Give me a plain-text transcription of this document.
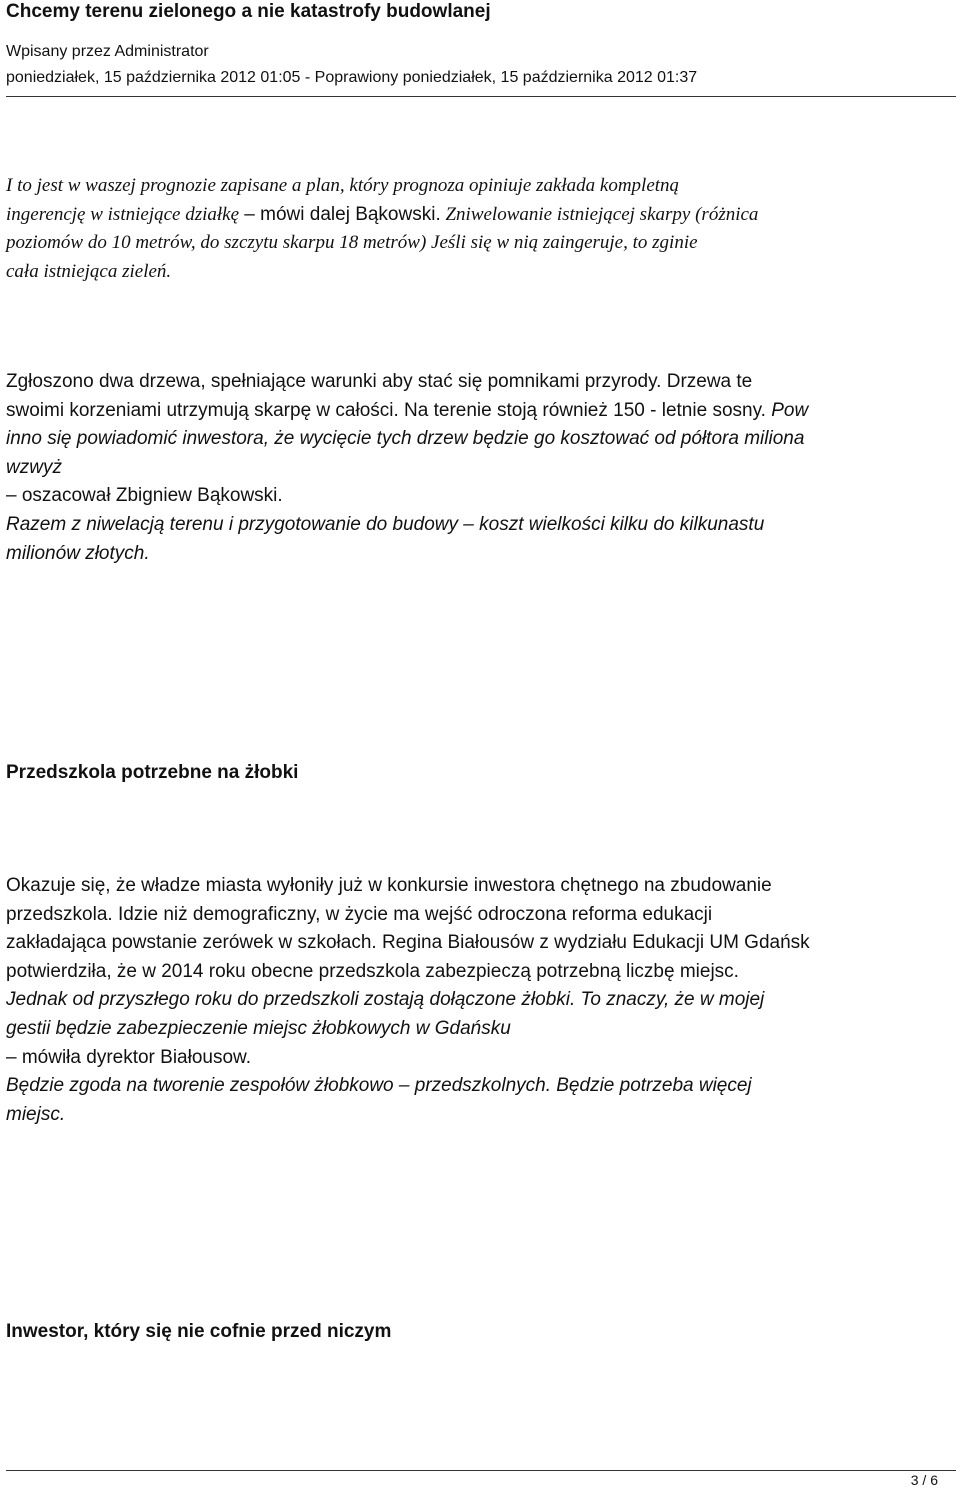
Chcemy terenu zielonego a nie katastrofy budowlanej
Wpisany przez Administrator
poniedziałek, 15 października 2012 01:05 - Poprawiony poniedziałek, 15 października 2012 01:37

I to jest w waszej prognozie zapisane a plan, który prognoza opiniuje zakłada kompletną
ingerencję w istniejące działkę – mówi dalej Bąkowski. Zniwelowanie istniejącej skarpy (różnica
poziomów do 10 metrów, do szczytu skarpu 18 metrów) Jeśli się w nią zaingeruje, to zginie
cała istniejąca zieleń.

Zgłoszono dwa drzewa, spełniające warunki aby stać się pomnikami przyrody. Drzewa te
swoimi korzeniami utrzymują skarpę w całości. Na terenie stoją również 150 - letnie sosny. Pow
inno się powiadomić inwestora, że wycięcie tych drzew będzie go kosztować od półtora miliona
wzwyż
– oszacował Zbigniew Bąkowski.
Razem z niwelacją terenu i przygotowanie do budowy – koszt wielkości kilku do kilkunastu
milionów złotych.

Przedszkola potrzebne na żłobki

Okazuje się, że władze miasta wyłoniły już w konkursie inwestora chętnego na zbudowanie
przedszkola. Idzie niż demograficzny, w życie ma wejść odroczona reforma edukacji
zakładająca powstanie zerówek w szkołach. Regina Białousów z wydziału Edukacji UM Gdańsk
potwierdziła, że w 2014 roku obecne przedszkola zabezpieczą potrzebną liczbę miejsc.
Jednak od przyszłego roku do przedszkoli zostają dołączone żłobki. To znaczy, że w mojej
gestii będzie zabezpieczenie miejsc żłobkowych w Gdańsku
– mówiła dyrektor Białousow.
Będzie zgoda na tworenie zespołów żłobkowo – przedszkolnych. Będzie potrzeba więcej
miejsc.

Inwestor, który się nie cofnie przed niczym
3 / 6
